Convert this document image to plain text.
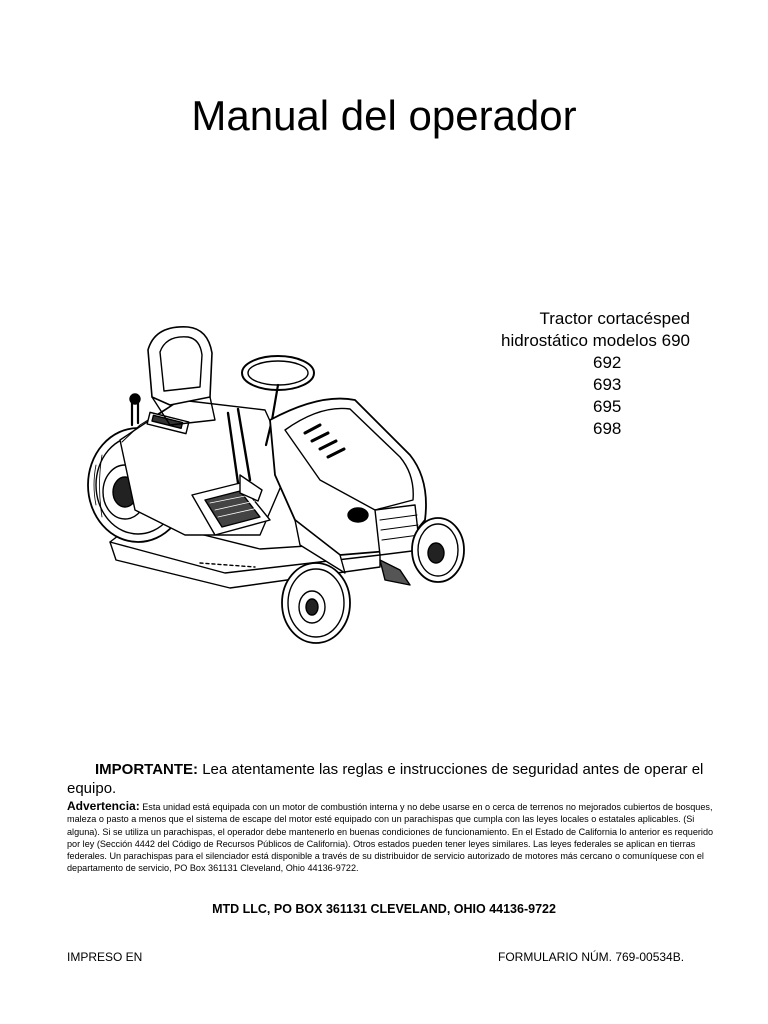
Manual del operador
Tractor cortacésped
hidrostático modelos 690
692
693
695
698
IMPORTANTE: Lea atentamente las reglas e instrucciones de seguridad antes de operar el equipo.
Advertencia: Esta unidad está equipada con un motor de combustión interna y no debe usarse en o cerca de terrenos no mejorados cubiertos de bosques, maleza o pasto a menos que el sistema de escape del motor esté equipado con un parachispas que cumpla con las leyes locales o estatales aplicables. (Si alguna). Si se utiliza un parachispas, el operador debe mantenerlo en buenas condiciones de funcionamiento. En el Estado de California lo anterior es requerido por ley (Sección 4442 del Código de Recursos Públicos de California). Otros estados pueden tener leyes similares. Las leyes federales se aplican en tierras federales. Un parachispas para el silenciador está disponible a través de su distribuidor de servicio autorizado de motores más cercano o comuníquese con el departamento de servicio, PO Box 361131 Cleveland, Ohio 44136-9722.
MTD LLC, PO BOX 361131 CLEVELAND, OHIO 44136-9722
IMPRESO EN	FORMULARIO NÚM. 769-00534B.
